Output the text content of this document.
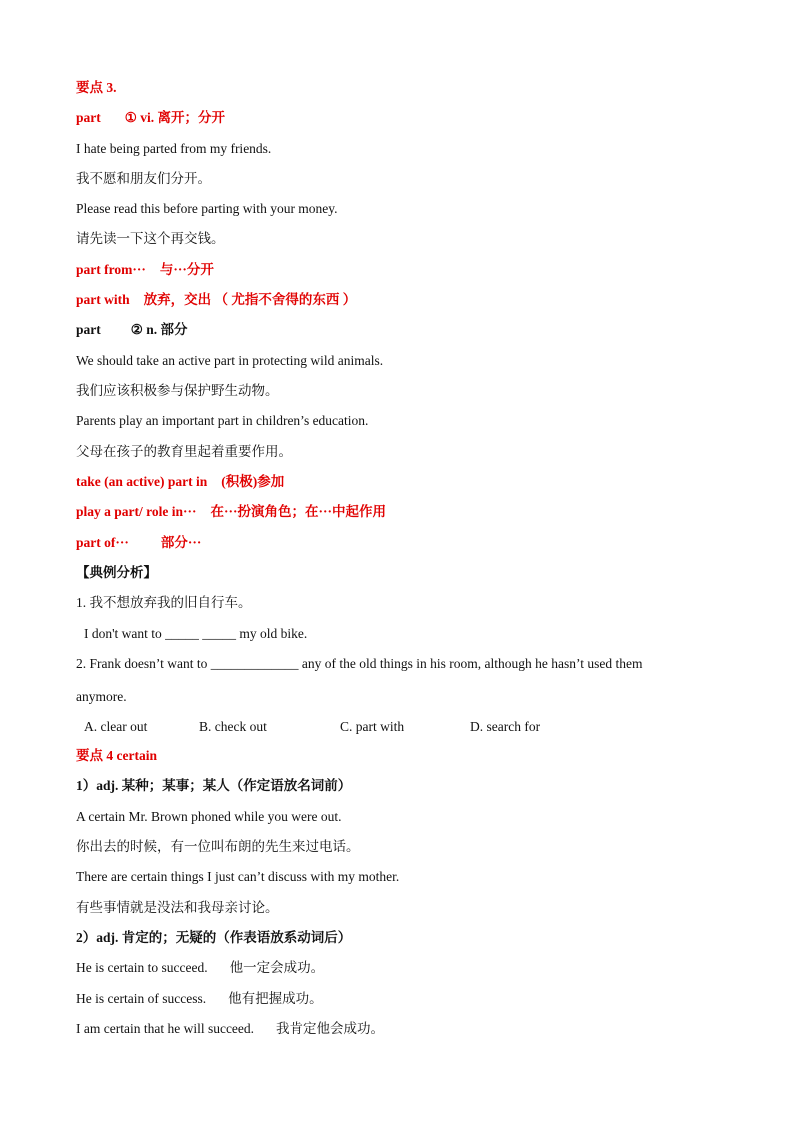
要点 3.
part ① vi. 离开；分开
I hate being parted from my friends.
我不愿和朋友们分开。
Please read this before parting with your money.
请先读一下这个再交钱。
part from··· 与···分开
part with 放弃，交出 （ 尤指不舍得的东西 ）
part ② n. 部分
We should take an active part in protecting wild animals.
我们应该积极参与保护野生动物。
Parents play an important part in children’s education.
父母在孩子的教育里起着重要作用。
take (an active) part in (积极)参加
play a part/ role in··· 在···扮演角色；在···中起作用
part of··· 部分···
【典例分析】
1. 我不想放弃我的旧自行车。
I don't want to _____ _____ my old bike.
2. Frank doesn’t want to _____________ any of the old things in his room, although he hasn’t used them
anymore.
A. clear out	B. check out	C. part with	D. search for
要点 4 certain
1）adj. 某种；某事；某人（作定语放名词前）
A certain Mr. Brown phoned while you were out.
你出去的时候，有一位叫布朗的先生来过电话。
There are certain things I just can’t discuss with my mother.
有些事情就是没法和我母亲讨论。
2）adj. 肯定的；无疑的（作表语放系动词后）
He is certain to succeed. 他一定会成功。
He is certain of success. 他有把握成功。
I am certain that he will succeed. 我肯定他会成功。
